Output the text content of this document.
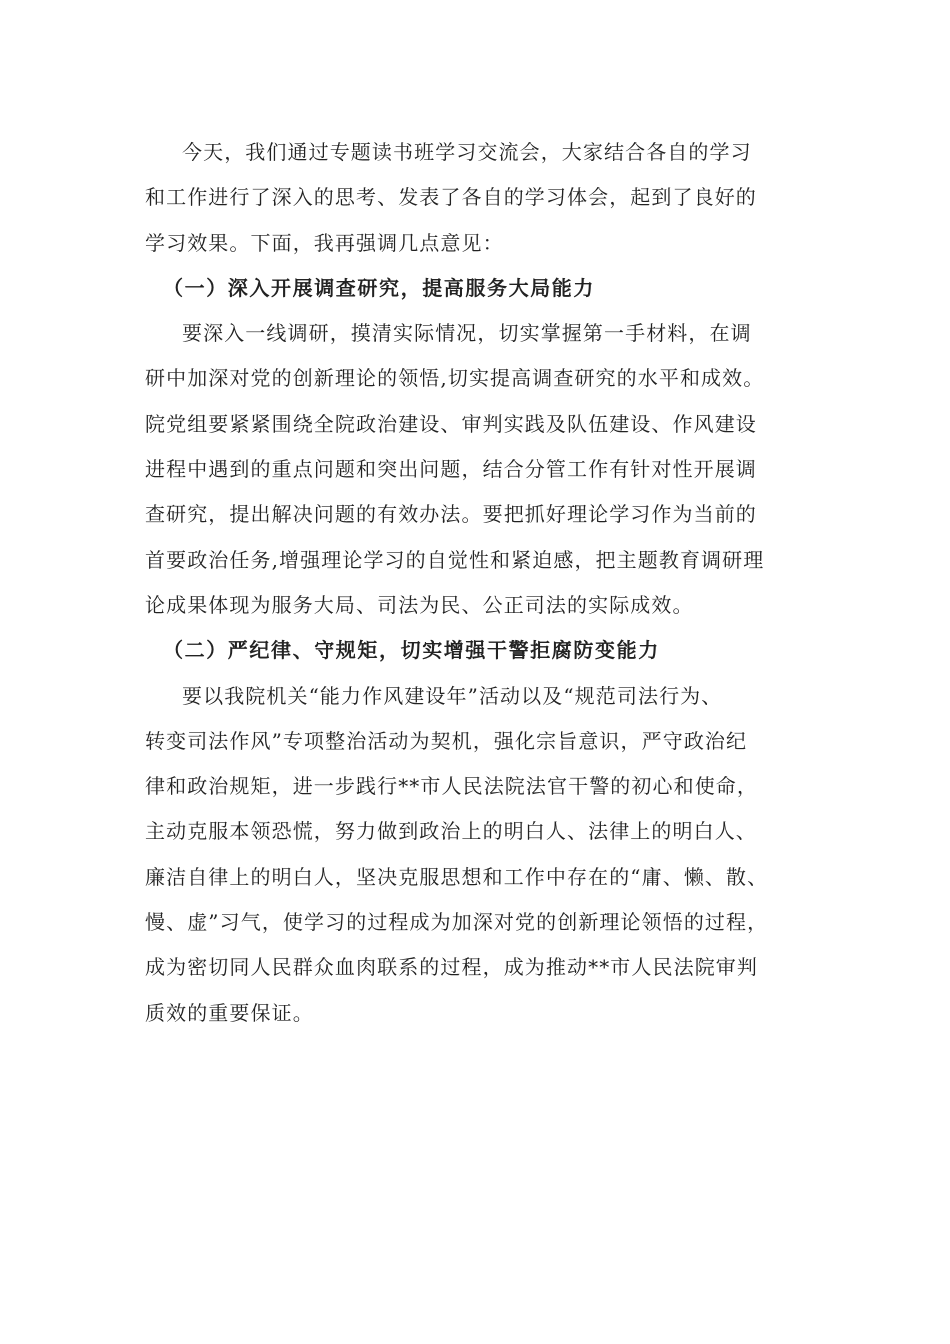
今天，我们通过专题读书班学习交流会，大家结合各自的学习
和工作进行了深入的思考、发表了各自的学习体会，起到了良好的
学习效果。下面，我再强调几点意见：
（一）深入开展调查研究，提高服务大局能力
要深入一线调研，摸清实际情况，切实掌握第一手材料，在调
研中加深对党的创新理论的领悟,切实提高调查研究的水平和成效。
院党组要紧紧围绕全院政治建设、审判实践及队伍建设、作风建设
进程中遇到的重点问题和突出问题，结合分管工作有针对性开展调
查研究，提出解决问题的有效办法。要把抓好理论学习作为当前的
首要政治任务,增强理论学习的自觉性和紧迫感，把主题教育调研理
论成果体现为服务大局、司法为民、公正司法的实际成效。
（二）严纪律、守规矩，切实增强干警拒腐防变能力
要以我院机关“能力作风建设年”活动以及“规范司法行为、
转变司法作风”专项整治活动为契机，强化宗旨意识，严守政治纪
律和政治规矩，进一步践行**市人民法院法官干警的初心和使命，
主动克服本领恐慌，努力做到政治上的明白人、法律上的明白人、
廉洁自律上的明白人，坚决克服思想和工作中存在的“庸、懒、散、
慢、虚”习气，使学习的过程成为加深对党的创新理论领悟的过程，
成为密切同人民群众血肉联系的过程，成为推动**市人民法院审判
质效的重要保证。
